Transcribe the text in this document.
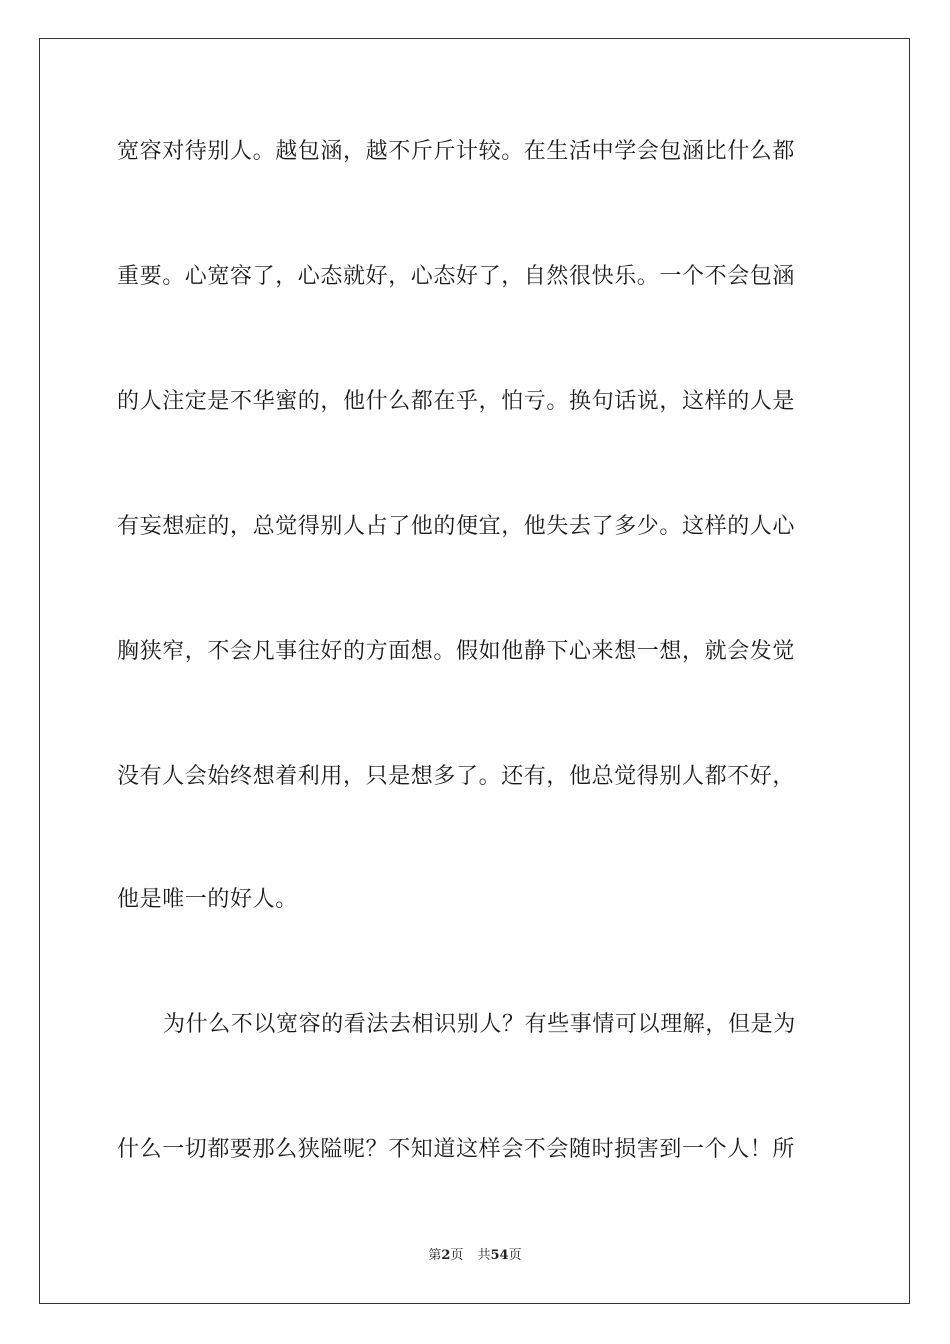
宽容对待别人。越包涵，越不斤斤计较。在生活中学会包涵比什么都
重要。心宽容了，心态就好，心态好了，自然很快乐。一个不会包涵
的人注定是不华蜜的，他什么都在乎，怕亏。换句话说，这样的人是
有妄想症的，总觉得别人占了他的便宜，他失去了多少。这样的人心
胸狭窄，不会凡事往好的方面想。假如他静下心来想一想，就会发觉
没有人会始终想着利用，只是想多了。还有，他总觉得别人都不好，
他是唯一的好人。
为什么不以宽容的看法去相识别人？有些事情可以理解，但是为
什么一切都要那么狭隘呢？不知道这样会不会随时损害到一个人！所
第2页 共54页
